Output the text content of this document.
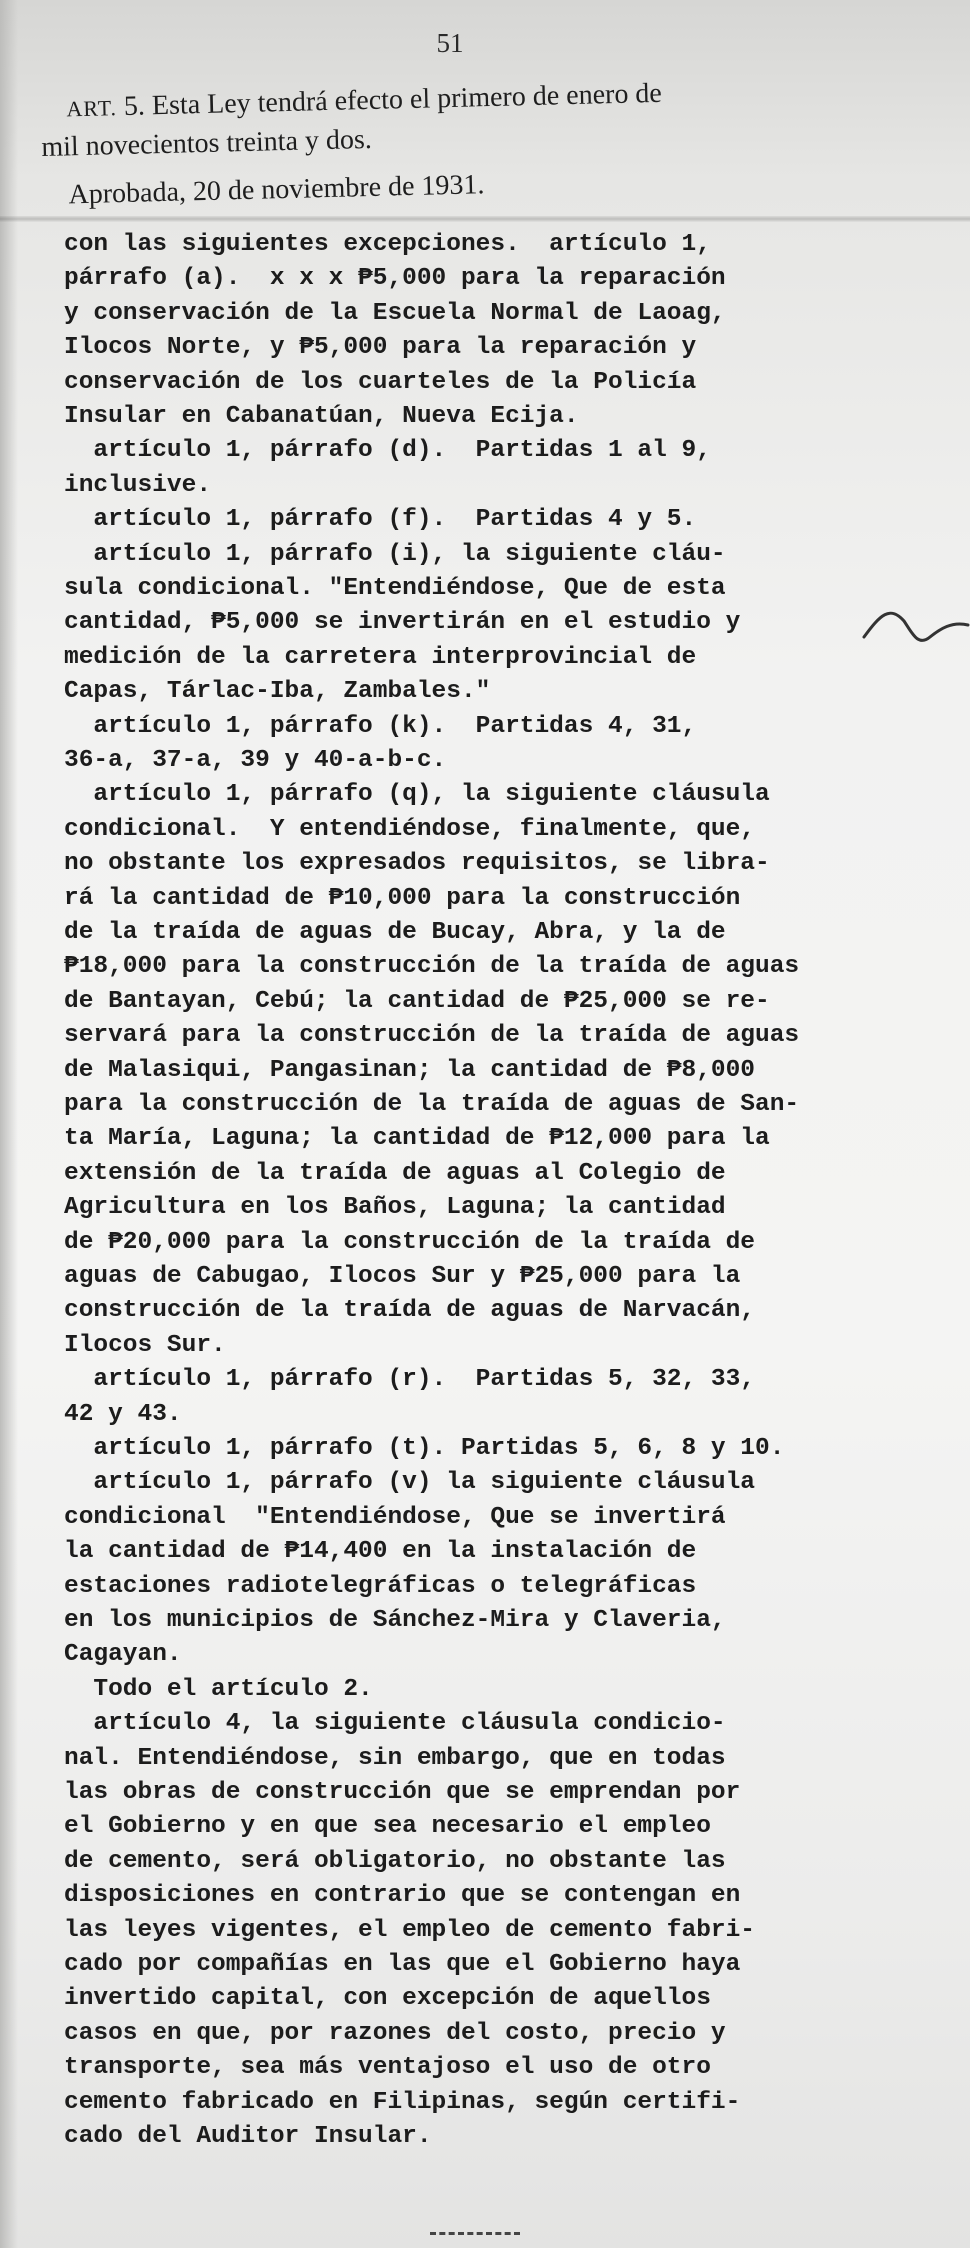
51

ART. 5. Esta Ley tendrá efecto el primero de enero de

mil novecientos treinta y dos.

Aprobada, 20 de noviembre de 1931.

con las siguientes excepciones.  artículo 1,
párrafo (a).  x x x ₱5,000 para la reparación
y conservación de la Escuela Normal de Laoag,
Ilocos Norte, y ₱5,000 para la reparación y
conservación de los cuarteles de la Policía
Insular en Cabanatúan, Nueva Ecija.
artículo 1, párrafo (d).  Partidas 1 al 9,
inclusive.
artículo 1, párrafo (f).  Partidas 4 y 5.
artículo 1, párrafo (i), la siguiente cláu-
sula condicional. "Entendiéndose, Que de esta
cantidad, ₱5,000 se invertirán en el estudio y
medición de la carretera interprovincial de
Capas, Tárlac-Iba, Zambales."
artículo 1, párrafo (k).  Partidas 4, 31,
36-a, 37-a, 39 y 40-a-b-c.
artículo 1, párrafo (q), la siguiente cláusula
condicional.  Y entendiéndose, finalmente, que,
no obstante los expresados requisitos, se libra-
rá la cantidad de ₱10,000 para la construcción
de la traída de aguas de Bucay, Abra, y la de
₱18,000 para la construcción de la traída de aguas
de Bantayan, Cebú; la cantidad de ₱25,000 se re-
servará para la construcción de la traída de aguas
de Malasiqui, Pangasinan; la cantidad de ₱8,000
para la construcción de la traída de aguas de San-
ta María, Laguna; la cantidad de ₱12,000 para la
extensión de la traída de aguas al Colegio de
Agricultura en los Baños, Laguna; la cantidad
de ₱20,000 para la construcción de la traída de
aguas de Cabugao, Ilocos Sur y ₱25,000 para la
construcción de la traída de aguas de Narvacán,
Ilocos Sur.
artículo 1, párrafo (r).  Partidas 5, 32, 33,
42 y 43.
artículo 1, párrafo (t). Partidas 5, 6, 8 y 10.
artículo 1, párrafo (v) la siguiente cláusula
condicional  "Entendiéndose, Que se invertirá
la cantidad de ₱14,400 en la instalación de
estaciones radiotelegráficas o telegráficas
en los municipios de Sánchez-Mira y Claveria,
Cagayan.
Todo el artículo 2.
artículo 4, la siguiente cláusula condicio-
nal. Entendiéndose, sin embargo, que en todas
las obras de construcción que se emprendan por
el Gobierno y en que sea necesario el empleo
de cemento, será obligatorio, no obstante las
disposiciones en contrario que se contengan en
las leyes vigentes, el empleo de cemento fabri-
cado por compañías en las que el Gobierno haya
invertido capital, con excepción de aquellos
casos en que, por razones del costo, precio y
transporte, sea más ventajoso el uso de otro
cemento fabricado en Filipinas, según certifi-
cado del Auditor Insular.
